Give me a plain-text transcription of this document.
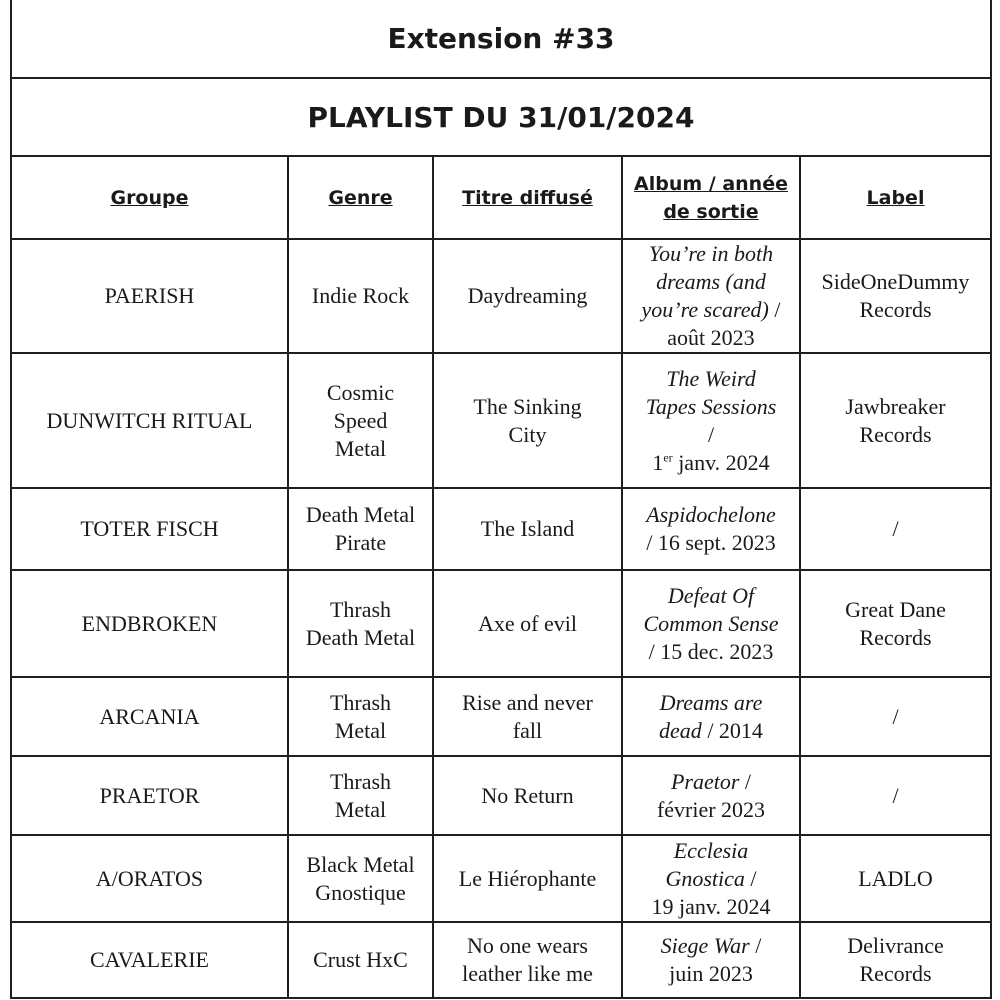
Extension #33				
PLAYLIST DU 31/01/2024				
Groupe	Genre	Titre diffusé	Album / année
de sortie	Label
PAERISH	Indie Rock	Daydreaming	You’re in both
dreams (and
you’re scared) /
août 2023	SideOneDummy
Records

DUNWITCH RITUAL	Cosmic
Speed
Metal	The Sinking
City	The Weird
Tapes Sessions
/
1er janv. 2024	Jawbreaker
Records

TOTER FISCH	Death Metal
Pirate	The Island	Aspidochelone
/ 16 sept. 2023	/

ENDBROKEN	Thrash
Death Metal	Axe of evil	Defeat Of
Common Sense
/ 15 dec. 2023	Great Dane
Records

ARCANIA	Thrash
Metal	Rise and never
fall	Dreams are
dead / 2014	/

PRAETOR	Thrash
Metal	No Return	Praetor /
février 2023	/

A/ORATOS	Black Metal
Gnostique	Le Hiérophante	Ecclesia
Gnostica /
19 janv. 2024	LADLO

CAVALERIE	Crust HxC	No one wears
leather like me	Siege War /
juin 2023	Delivrance
Records
